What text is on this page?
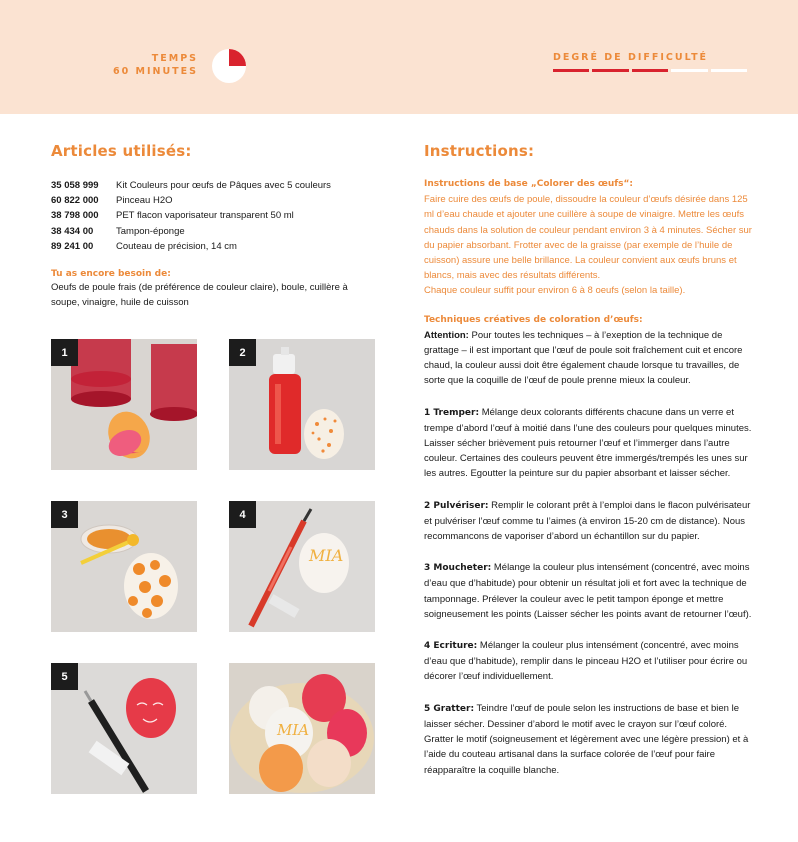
TEMPS
60 MINUTES
DEGRÉ DE DIFFICULTÉ
Articles utilisés:
35 058 999	Kit Couleurs pour œufs de Pâques avec 5 couleurs
60 822 000	Pinceau H2O
38 798 000	PET flacon vaporisateur transparent 50 ml
38 434 00	Tampon-éponge
89 241 00	Couteau de précision, 14 cm
Tu as encore besoin de:
Oeufs de poule frais (de préférence de couleur claire), boule, cuillère à soupe, vinaigre, huile de cuisson
1	2
3
MIA
4
5
MIA
Instructions:
Instructions de base „Colorer des œufs“:

Faire cuire des œufs de poule, dissoudre la couleur d’œufs désirée dans 125 ml d’eau chaude et ajouter une cuillère à soupe de vinaigre. Mettre les œufs chauds dans la solution de couleur pendant environ 3 à 4 minutes. Sécher sur du papier absorbant. Frotter avec de la graisse (par exemple de l’huile de cuisson) assure une belle brillance. La couleur convient aux œufs bruns et blancs, mais avec des résultats différents.

Chaque couleur suffit pour environ 6 à 8 oeufs (selon la taille).

Techniques créatives de coloration d’œufs:

Attention: Pour toutes les techniques – à l’exeption de la technique de grattage – il est important que l’œuf de poule soit fraîchement cuit et encore chaud, la couleur aussi doit être également chaude lorsque tu travailles, de sorte que la coquille de l’œuf de poule prenne mieux la couleur.

1 Tremper: Mélange deux colorants différents chacune dans un verre et trempe d’abord l’œuf à moitié dans l’une des couleurs pour quelques minutes. Laisser sécher brièvement puis retourner l’œuf et l’immerger dans l’autre couleur. Certaines des couleurs peuvent être immergés/trempés les unes sur les autres. Egoutter la peinture sur du papier absorbant et laisser sécher.

2 Pulvériser: Remplir le colorant prêt à l’emploi dans le flacon pulvérisateur et pulvériser l’œuf comme tu l’aimes (à environ 15-20 cm de distance). Nous recommancons de vaporiser d’abord un échantillon sur du papier.

3 Moucheter: Mélange la couleur plus intensément (concentré, avec moins d’eau que d’habitude) pour obtenir un résultat joli et fort avec la technique de tamponnage. Prélever la couleur avec le petit tampon éponge et mettre soigneusement les points (Laisser sécher les points avant de retourner l’œuf).

4 Ecriture: Mélanger la couleur plus intensément (concentré, avec moins d’eau que d’habitude), remplir dans le pinceau H2O et l’utiliser pour écrire ou décorer l’œuf individuellement.

5 Gratter: Teindre l’œuf de poule selon les instructions de base et bien le laisser sécher. Dessiner d’abord le motif avec le crayon sur l’œuf coloré. Gratter le motif (soigneusement et légèrement avec une légère pression) et à l’aide du couteau artisanal dans la surface colorée de l’œuf pour faire réapparaître la coquille blanche.
